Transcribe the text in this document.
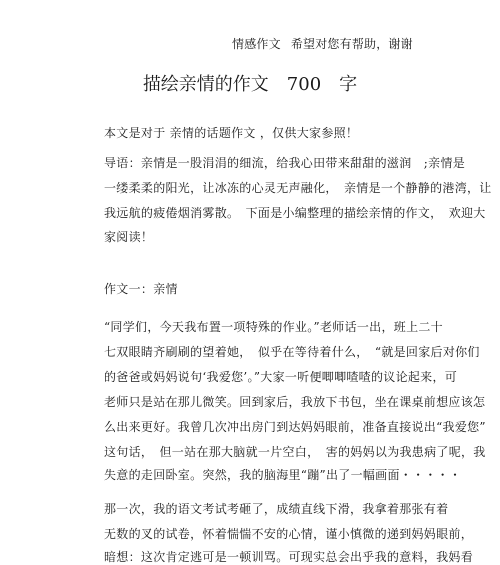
情感作文 希望对您有帮助，谢谢
描绘亲情的作文　700　字
本文是对于 亲情的话题作文 ，仅供大家参照！
导语：亲情是一股涓涓的细流，给我心田带来甜甜的滋润　;亲情是
一缕柔柔的阳光，让冰冻的心灵无声融化，　亲情是一个静静的港湾，让
我远航的疲倦烟消雾散。　下面是小编整理的描绘亲情的作文，　欢迎大
家阅读！
作文一：亲情
“同学们，今天我布置一项特殊的作业。”老师话一出，班上二十
七双眼睛齐刷刷的望着她，　似乎在等待着什么，　“就是回家后对你们
的爸爸或妈妈说句‘我爱您’。”大家一听便唧唧喳喳的议论起来，可
老师只是站在那儿微笑。回到家后，我放下书包，坐在课桌前想应该怎
么出来更好。我曾几次冲出房门到达妈妈眼前，准备直接说出“我爱您”
这句话，　但一站在那大脑就一片空白，　害的妈妈以为我患病了呢，我
失意的走回卧室。突然，我的脑海里“蹦”出了一幅画面・・・・・
那一次，我的语文考试考砸了，成绩直线下滑，我拿着那张有着
无数的叉的试卷，怀着惴惴不安的心情，谨小慎微的递到妈妈眼前，
暗想：这次肯定逃可是一顿训骂。可现实总会出乎我的意料，我妈看
